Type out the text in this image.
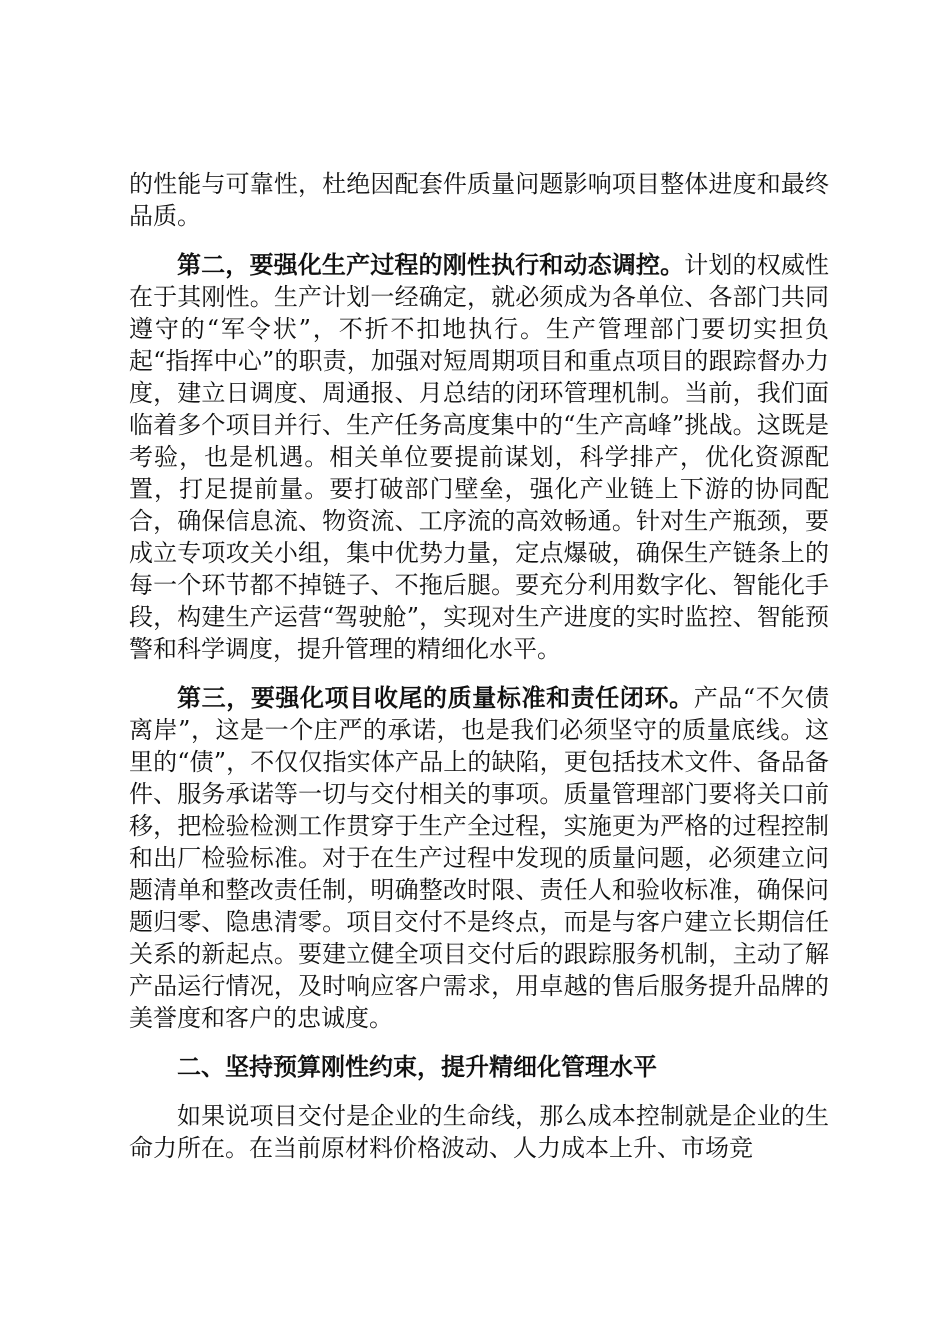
的性能与可靠性，杜绝因配套件质量问题影响项目整体进度和最终品质。

第二，要强化生产过程的刚性执行和动态调控。计划的权威性在于其刚性。生产计划一经确定，就必须成为各单位、各部门共同遵守的“军令状”，不折不扣地执行。生产管理部门要切实担负起“指挥中心”的职责，加强对短周期项目和重点项目的跟踪督办力度，建立日调度、周通报、月总结的闭环管理机制。当前，我们面临着多个项目并行、生产任务高度集中的“生产高峰”挑战。这既是考验，也是机遇。相关单位要提前谋划，科学排产，优化资源配置，打足提前量。要打破部门壁垒，强化产业链上下游的协同配合，确保信息流、物资流、工序流的高效畅通。针对生产瓶颈，要成立专项攻关小组，集中优势力量，定点爆破，确保生产链条上的每一个环节都不掉链子、不拖后腿。要充分利用数字化、智能化手段，构建生产运营“驾驶舱”，实现对生产进度的实时监控、智能预警和科学调度，提升管理的精细化水平。

第三，要强化项目收尾的质量标准和责任闭环。产品“不欠债离岸”，这是一个庄严的承诺，也是我们必须坚守的质量底线。这里的“债”，不仅仅指实体产品上的缺陷，更包括技术文件、备品备件、服务承诺等一切与交付相关的事项。质量管理部门要将关口前移，把检验检测工作贯穿于生产全过程，实施更为严格的过程控制和出厂检验标准。对于在生产过程中发现的质量问题，必须建立问题清单和整改责任制，明确整改时限、责任人和验收标准，确保问题归零、隐患清零。项目交付不是终点，而是与客户建立长期信任关系的新起点。要建立健全项目交付后的跟踪服务机制，主动了解产品运行情况，及时响应客户需求，用卓越的售后服务提升品牌的美誉度和客户的忠诚度。

二、坚持预算刚性约束，提升精细化管理水平

如果说项目交付是企业的生命线，那么成本控制就是企业的生命力所在。在当前原材料价格波动、人力成本上升、市场竞
